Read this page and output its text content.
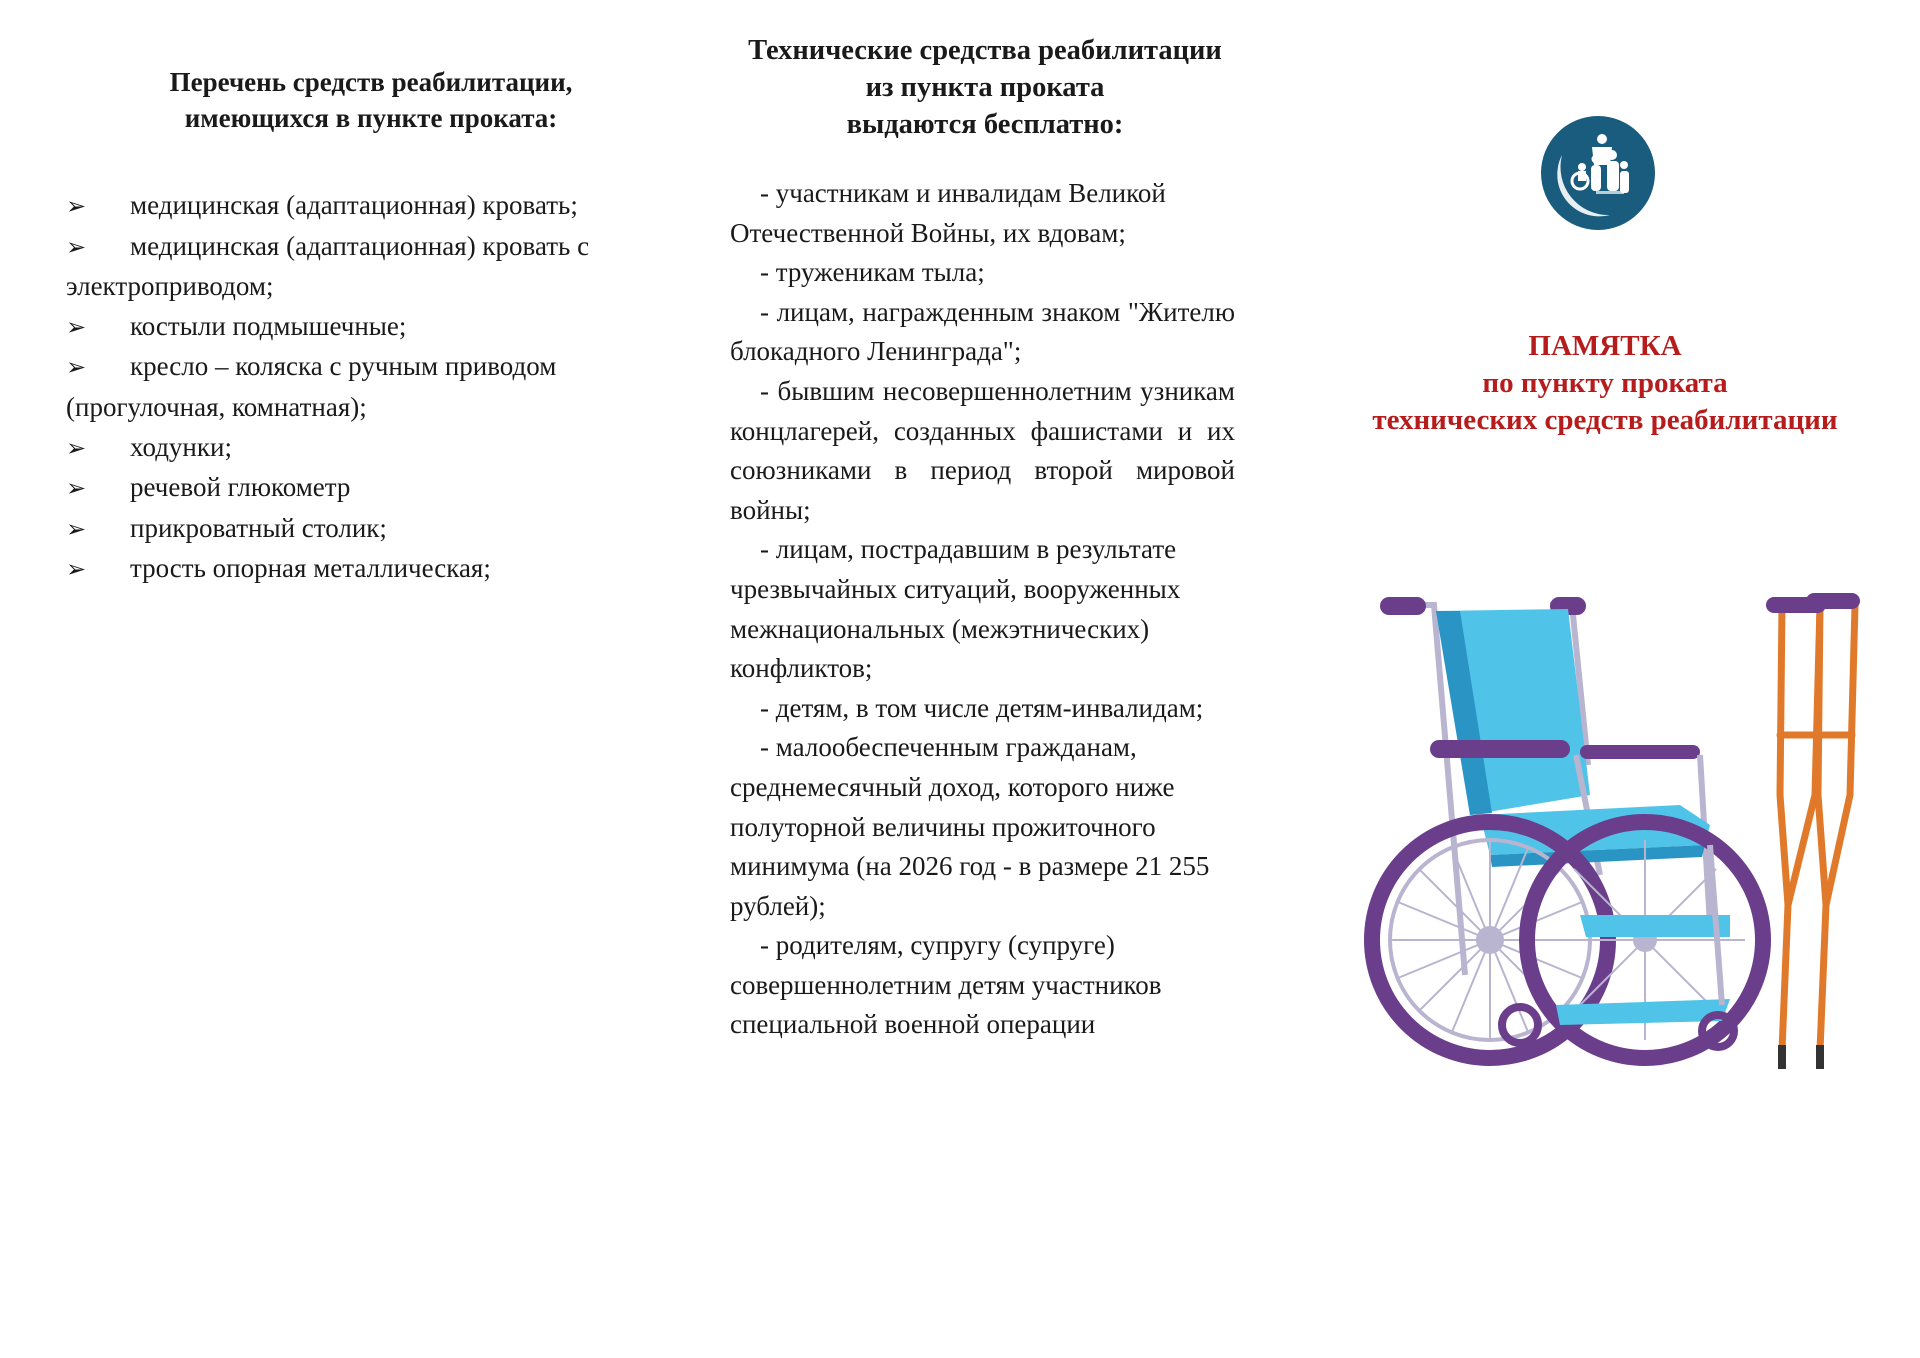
Перечень средств реабилитации,
имеющихся в пункте проката:
➢ медицинская (адаптационная) кровать;
➢ медицинская (адаптационная) кровать с электроприводом;
➢ костыли подмышечные;
➢ кресло – коляска с ручным приводом (прогулочная, комнатная);
➢ ходунки;
➢ речевой глюкометр
➢ прикроватный столик;
➢ трость опорная металлическая;
Технические средства реабилитации
из пункта проката
выдаются бесплатно:
- участникам и инвалидам Великой Отечественной Войны, их вдовам;
- труженикам тыла;
- лицам, награжденным знаком "Жителю блокадного Ленинграда";
- бывшим несовершеннолетним узникам концлагерей, созданных фашистами и их союзниками в период второй мировой войны;
- лицам, пострадавшим в результате чрезвычайных ситуаций, вооруженных межнациональных (межэтнических) конфликтов;
- детям, в том числе детям-инвалидам;
- малообеспеченным гражданам, среднемесячный доход, которого ниже полуторной величины прожиточного минимума (на 2026 год - в размере 21 255 рублей);
- родителям, супругу (супруге) совершеннолетним детям участников специальной военной операции
ПАМЯТКА
по пункту проката
технических средств реабилитации
